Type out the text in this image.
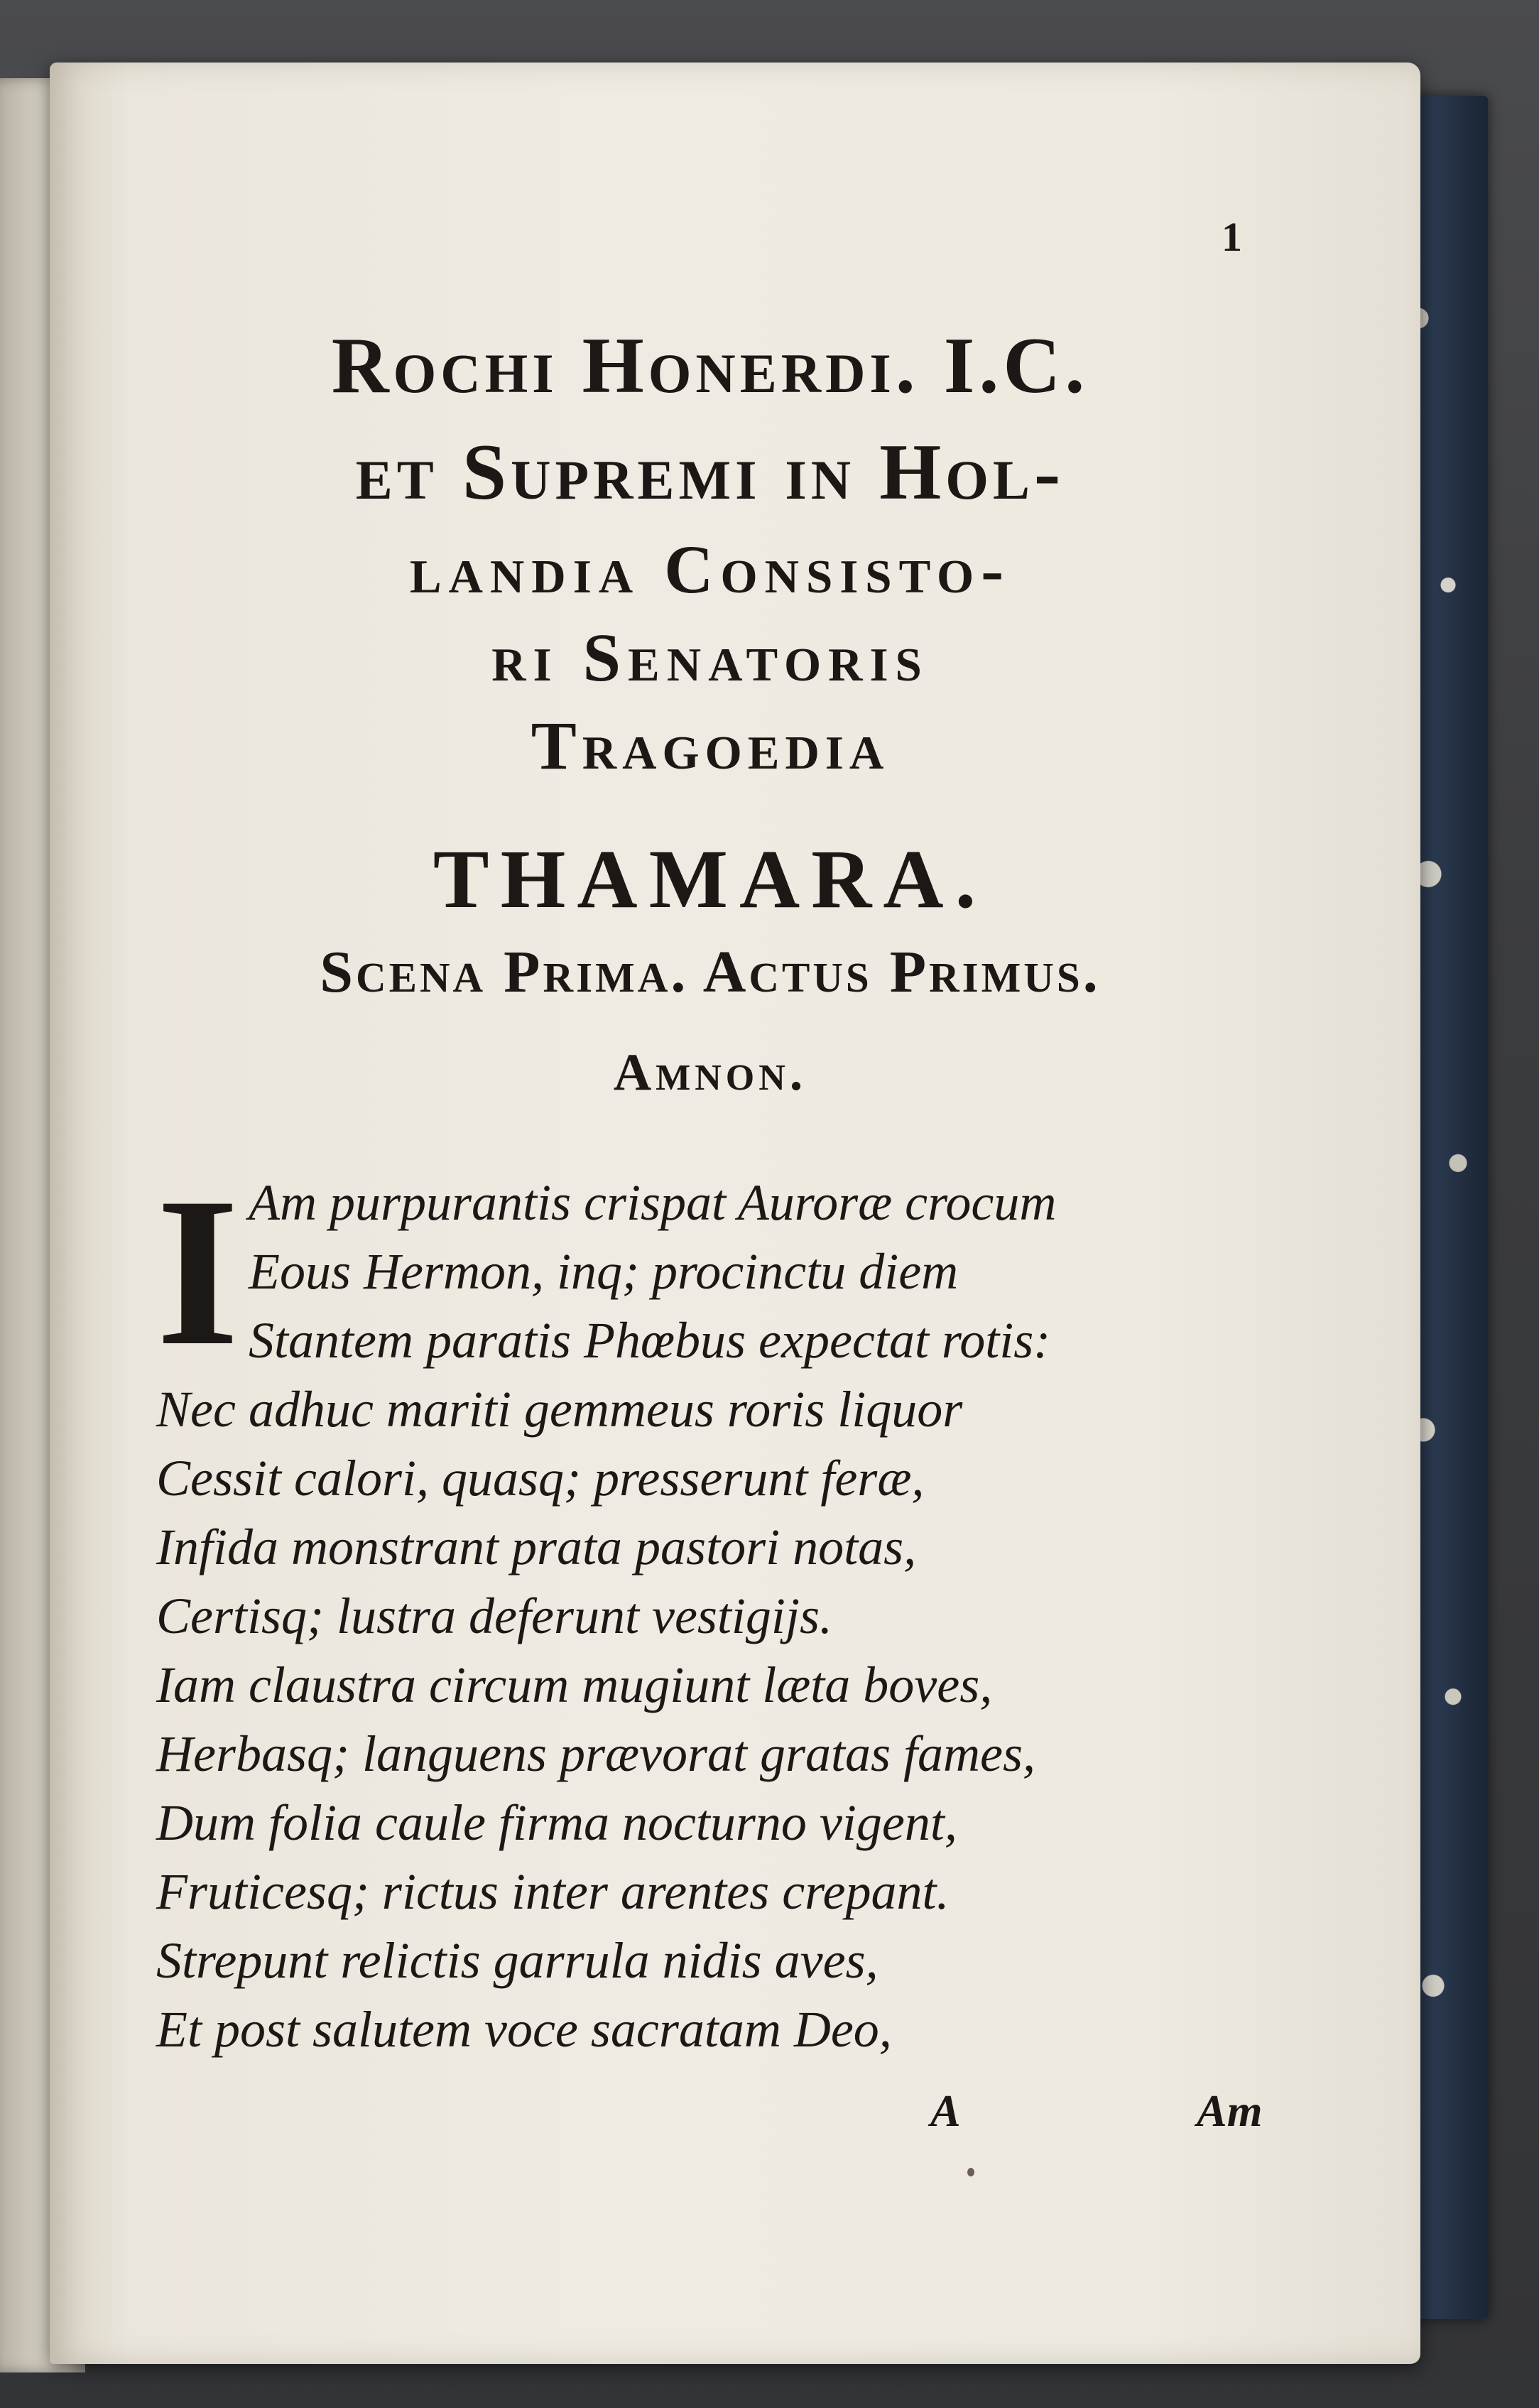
1
Rochi Honerdi. I.C.
et Supremi in Hol-
landia Consisto-
ri Senatoris
Tragoedia
THAMARA.
Scena Prima. Actus Primus.
Amnon.
I Am purpurantis crispat Auroræ crocum
Eous Hermon, inq; procinctu diem
Stantem paratis Phœbus expectat rotis:
Nec adhuc mariti gemmeus roris liquor
Cessit calori, quasq; presserunt feræ,
Infida monstrant prata pastori notas,
Certisq; lustra deferunt vestigijs.
Iam claustra circum mugiunt læta boves,
Herbasq; languens prævorat gratas fames,
Dum folia caule firma nocturno vigent,
Fruticesq; rictus inter arentes crepant.
Strepunt relictis garrula nidis aves,
Et post salutem voce sacratam Deo,
A	Am
